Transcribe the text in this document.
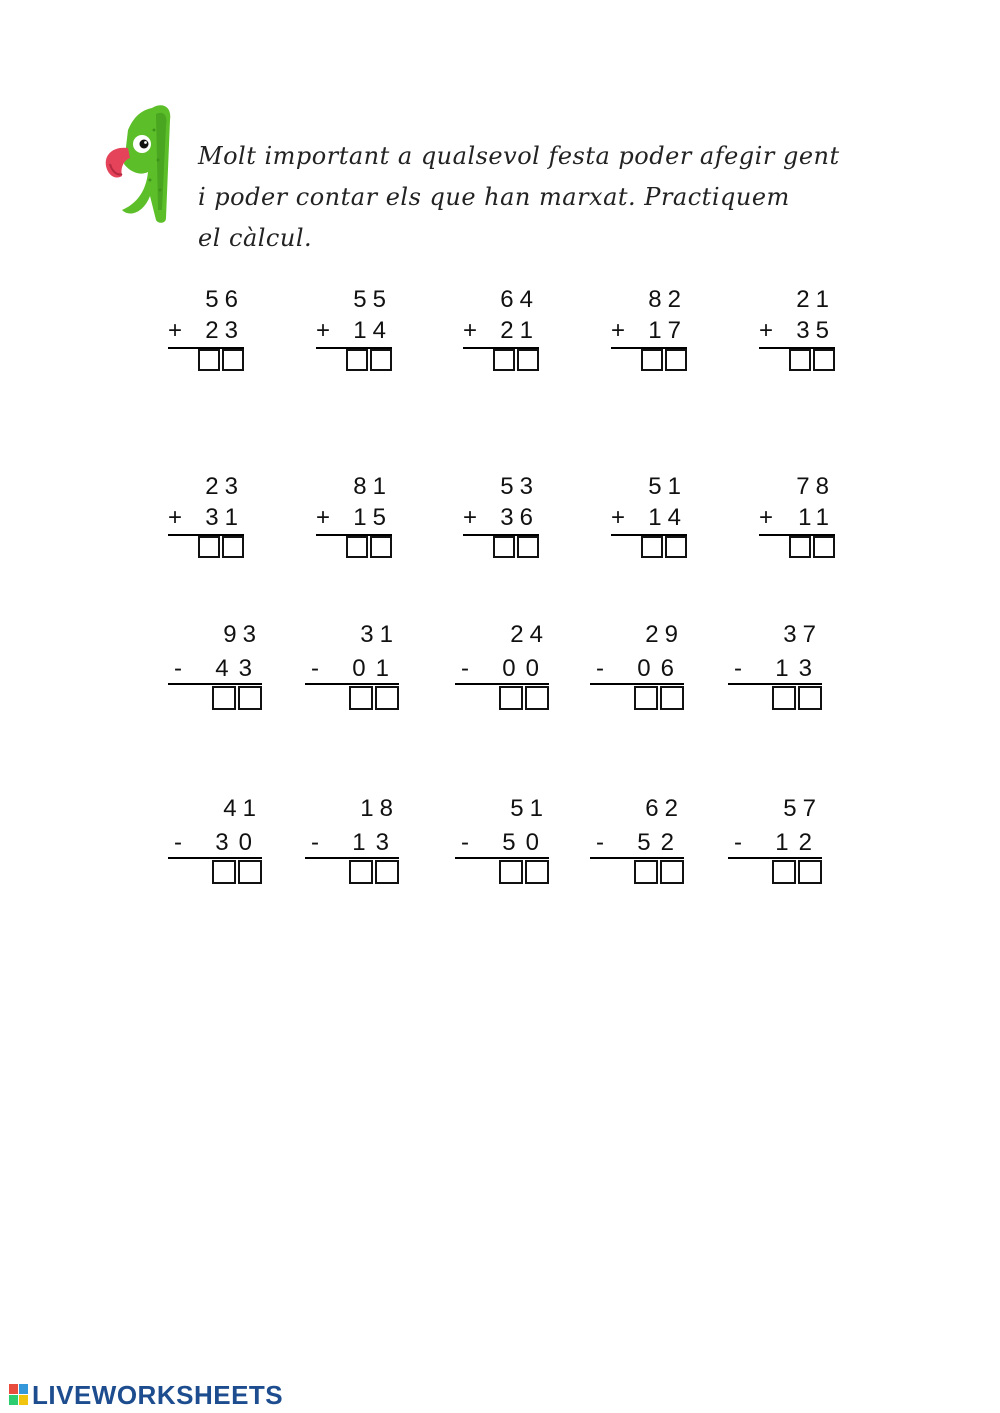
Molt important a qualsevol festa poder afegir gent
i poder contar els que han marxat. Practiquem
el càlcul.
56
+ 23
55
+ 14
64
+ 21
82
+ 17
21
+ 35
23
+ 31
81
+ 15
53
+ 36
51
+ 14
78
+ 11
93
- 43
31
- 01
24
- 00
29
- 06
37
- 13
41
- 30
18
- 13
51
- 50
62
- 52
57
- 12
LIVEWORKSHEETS
